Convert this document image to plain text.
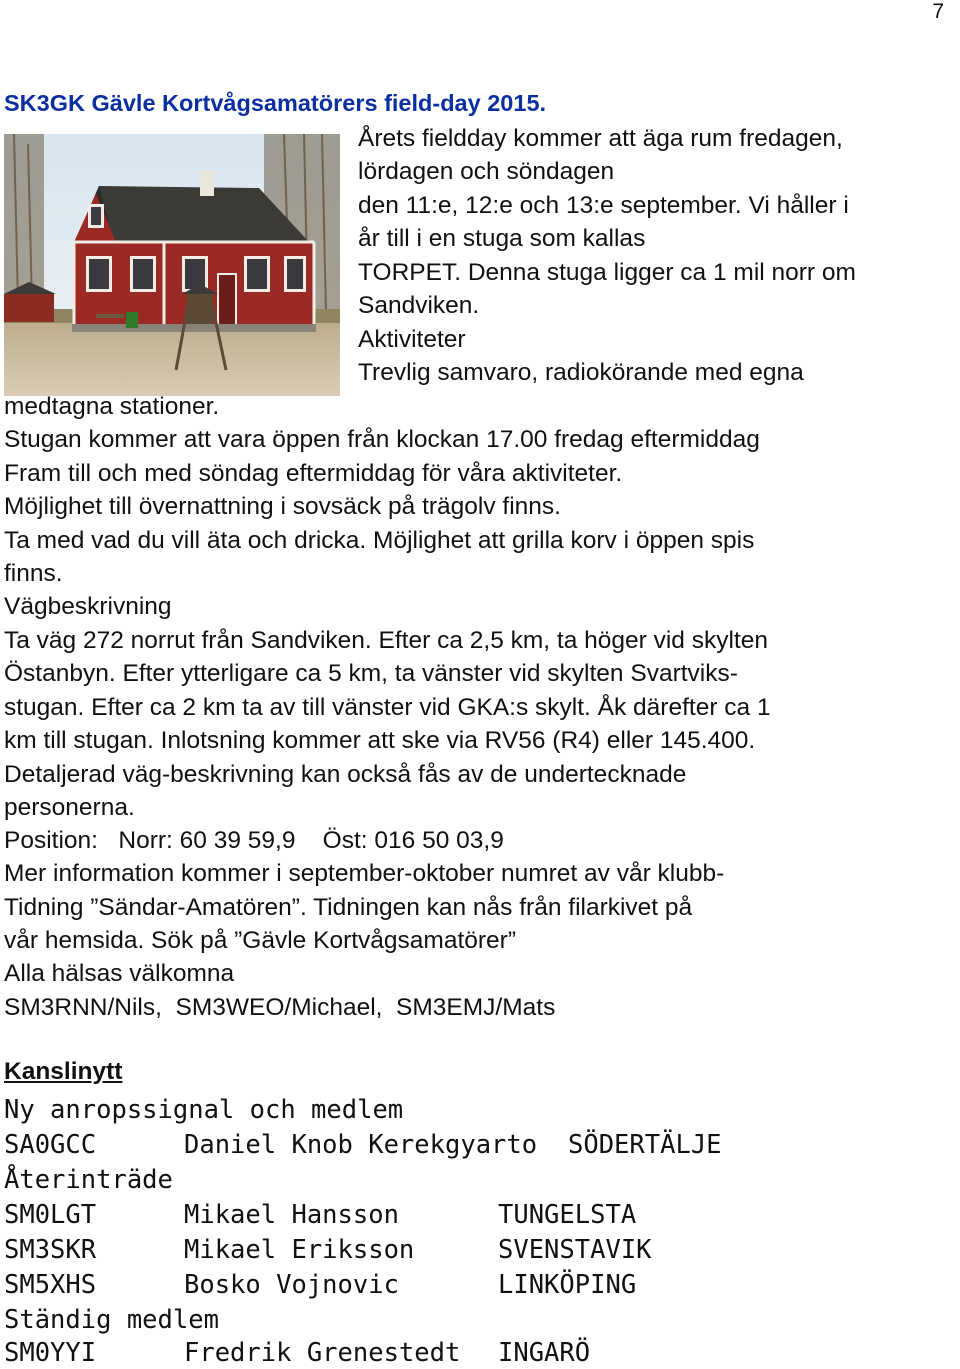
7
SK3GK Gävle Kortvågsamatörers field-day 2015.
Årets fieldday kommer att äga rum fredagen,
lördagen och söndagen
den 11:e, 12:e och 13:e september. Vi håller i
år till i en stuga som kallas
TORPET. Denna stuga ligger ca 1 mil norr om
Sandviken.
Aktiviteter
Trevlig samvaro, radiokörande med egna
medtagna stationer.
Stugan kommer att vara öppen från klockan 17.00 fredag eftermiddag
Fram till och med söndag eftermiddag för våra aktiviteter.
Möjlighet till övernattning i sovsäck på trägolv finns.
Ta med vad du vill äta och dricka. Möjlighet att grilla korv i öppen spis
finns.
Vägbeskrivning
Ta väg 272 norrut från Sandviken. Efter ca 2,5 km, ta höger vid skylten
Östanbyn. Efter ytterligare ca 5 km, ta vänster vid skylten Svartviks-
stugan. Efter ca 2 km ta av till vänster vid GKA:s skylt. Åk därefter ca 1
km till stugan. Inlotsning kommer att ske via RV56 (R4) eller 145.400.
Detaljerad väg-beskrivning kan också fås av de undertecknade
personerna.
Position:   Norr: 60 39 59,9    Öst: 016 50 03,9
Mer information kommer i september-oktober numret av vår klubb-
Tidning ”Sändar-Amatören”. Tidningen kan nås från filarkivet på
vår hemsida. Sök på ”Gävle Kortvågsamatörer”
Alla hälsas välkomna
SM3RNN/Nils,  SM3WEO/Michael,  SM3EMJ/Mats
Kanslinytt
Ny anropssignal och medlem
SA0GCC	Daniel Knob Kerekgyarto SÖDERTÄLJE
Återinträde
SM0LGT	Mikael Hansson	TUNGELSTA
SM3SKR	Mikael Eriksson	SVENSTAVIK
SM5XHS	Bosko Vojnovic	LINKÖPING
Ständig medlem
SM0YYI	Fredrik Grenestedt INGARÖ
